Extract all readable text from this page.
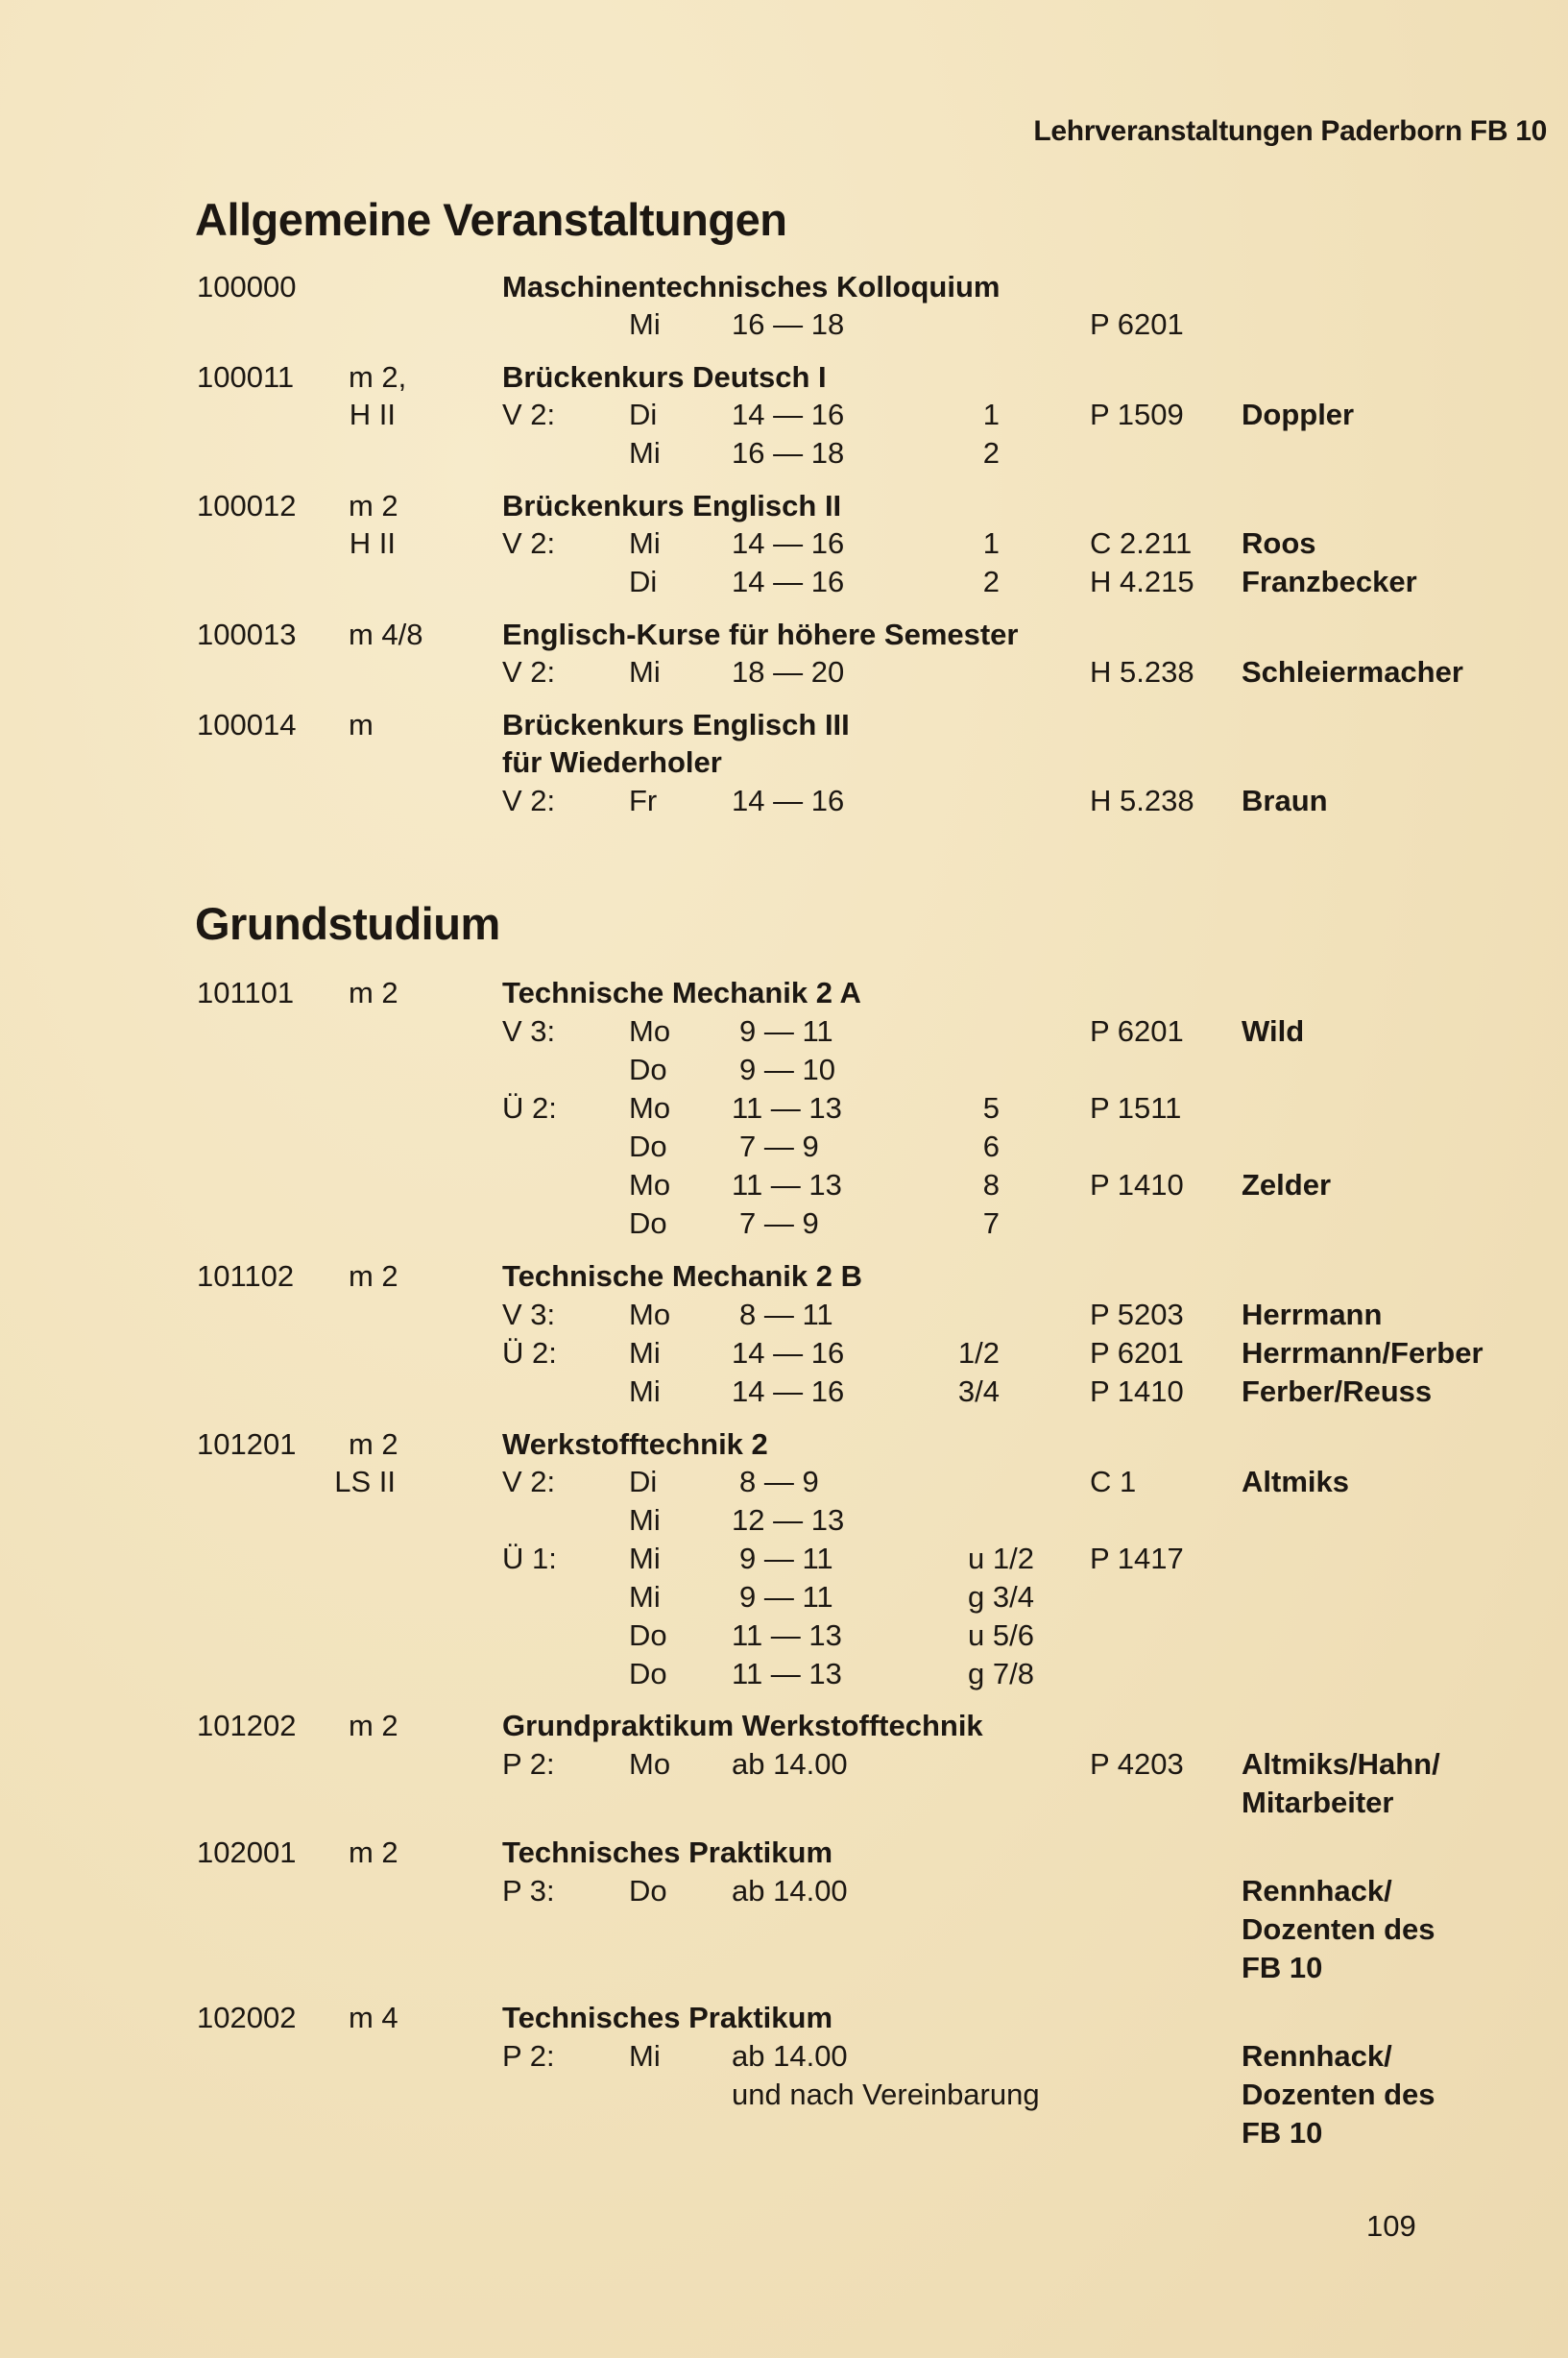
Lehrveranstaltungen Paderborn FB 10
Allgemeine Veranstaltungen
100000	Maschinentechnisches Kolloquium
Mi 16 — 18	P 6201
100011 m 2,	Brückenkurs Deutsch I
H II	V 2: Di	14 — 16	1	P 1509 Doppler
Mi 16 — 18	2
100012 m 2	Brückenkurs Englisch II
H II	V 2: Mi 14 — 16	1	C 2.211 Roos
Di	14 — 16	2	H 4.215 Franzbecker
100013 m 4/8	Englisch-Kurse für höhere Semester
V 2: Mi 18 — 20	H 5.238 Schleiermacher
100014 m	Brückenkurs Englisch III
für Wiederholer
V 2: Fr	14 — 16	H 5.238 Braun
Grundstudium
101101 m 2	Technische Mechanik 2 A
V 3: Mo 9 — 11	P 6201 Wild
Do 9 — 10
Ü 2: Mo 11 — 13	5	P 1511
Do 7 — 9	6
Mo 11 — 13	8	P 1410 Zelder
Do 7 — 9	7
101102 m 2	Technische Mechanik 2 B
V 3: Mo 8 — 11	P 5203 Herrmann
Ü 2: Mi 14 — 16	1/2	P 6201 Herrmann/Ferber
Mi 14 — 16	3/4	P 1410 Ferber/Reuss
101201 m 2	Werkstofftechnik 2
LS II	V 2: Di	8 — 9	C 1	Altmiks
Mi 12 — 13
Ü 1: Mi	9 — 11	u 1/2 P 1417
Mi	9 — 11	g 3/4
Do 11 — 13	u 5/6
Do 11 — 13	g 7/8
101202 m 2	Grundpraktikum Werkstofftechnik
P 2: Mo ab 14.00	P 4203 Altmiks/Hahn/
Mitarbeiter
102001 m 2	Technisches Praktikum
P 3: Do ab 14.00	Rennhack/
Dozenten des
FB 10
102002 m 4	Technisches Praktikum
P 2: Mi ab 14.00	Rennhack/
und nach Vereinbarung	Dozenten des
FB 10
109
